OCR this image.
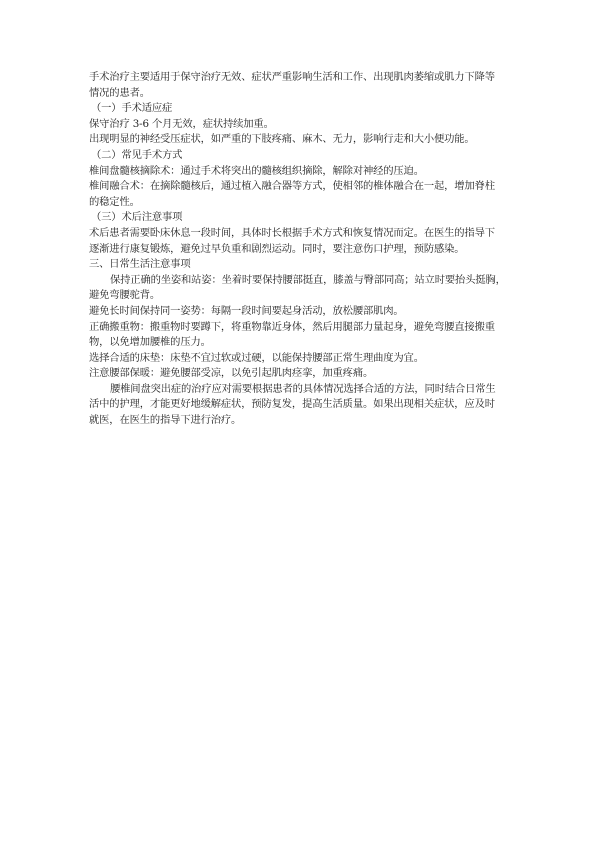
手术治疗主要适用于保守治疗无效、症状严重影响生活和工作、出现肌肉萎缩或肌力下降等
情况的患者。
（一）手术适应症
保守治疗 3-6 个月无效，症状持续加重。
出现明显的神经受压症状，如严重的下肢疼痛、麻木、无力，影响行走和大小便功能。
（二）常见手术方式
椎间盘髓核摘除术：通过手术将突出的髓核组织摘除，解除对神经的压迫。
椎间融合术：在摘除髓核后，通过植入融合器等方式，使相邻的椎体融合在一起，增加脊柱
的稳定性。
（三）术后注意事项
术后患者需要卧床休息一段时间，具体时长根据手术方式和恢复情况而定。在医生的指导下
逐渐进行康复锻炼，避免过早负重和剧烈运动。同时，要注意伤口护理，预防感染。
三、日常生活注意事项
保持正确的坐姿和站姿：坐着时要保持腰部挺直，膝盖与臀部同高；站立时要抬头挺胸，
避免弯腰驼背。
避免长时间保持同一姿势：每隔一段时间要起身活动，放松腰部肌肉。
正确搬重物：搬重物时要蹲下，将重物靠近身体，然后用腿部力量起身，避免弯腰直接搬重
物，以免增加腰椎的压力。
选择合适的床垫：床垫不宜过软或过硬，以能保持腰部正常生理曲度为宜。
注意腰部保暖：避免腰部受凉，以免引起肌肉痉挛，加重疼痛。
腰椎间盘突出症的治疗应对需要根据患者的具体情况选择合适的方法，同时结合日常生
活中的护理，才能更好地缓解症状，预防复发，提高生活质量。如果出现相关症状，应及时
就医，在医生的指导下进行治疗。
